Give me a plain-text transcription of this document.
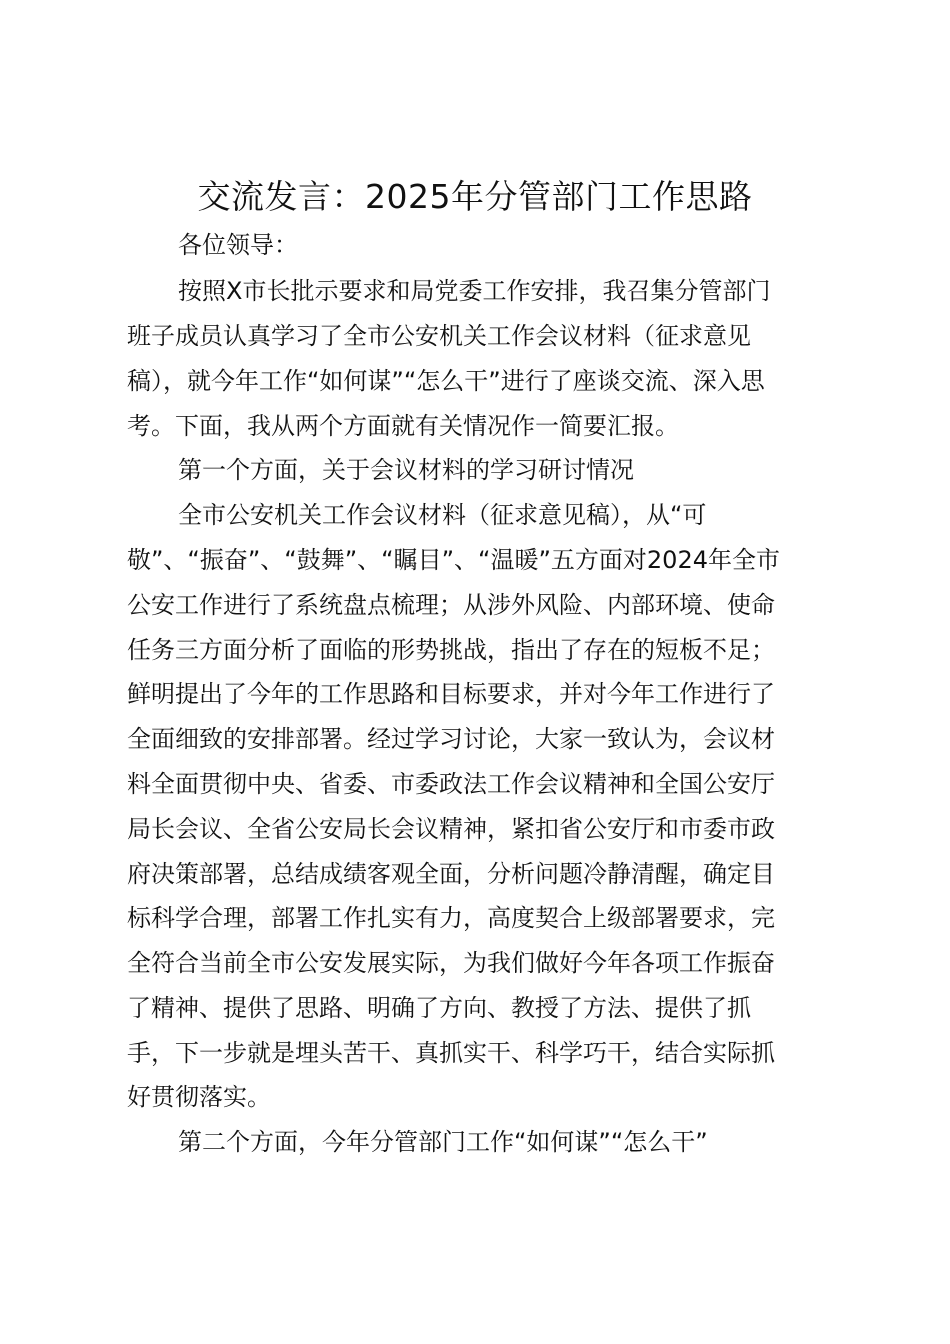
交流发言：2025年分管部门工作思路
各位领导：
按照X市长批示要求和局党委工作安排，我召集分管部门
班子成员认真学习了全市公安机关工作会议材料（征求意见
稿），就今年工作“如何谋”“怎么干”进行了座谈交流、深入思
考。下面，我从两个方面就有关情况作一简要汇报。
第一个方面，关于会议材料的学习研讨情况
全市公安机关工作会议材料（征求意见稿），从“可
敬”、“振奋”、“鼓舞”、“瞩目”、“温暖”五方面对2024年全市
公安工作进行了系统盘点梳理；从涉外风险、内部环境、使命
任务三方面分析了面临的形势挑战，指出了存在的短板不足；
鲜明提出了今年的工作思路和目标要求，并对今年工作进行了
全面细致的安排部署。经过学习讨论，大家一致认为，会议材
料全面贯彻中央、省委、市委政法工作会议精神和全国公安厅
局长会议、全省公安局长会议精神，紧扣省公安厅和市委市政
府决策部署，总结成绩客观全面，分析问题冷静清醒，确定目
标科学合理，部署工作扎实有力，高度契合上级部署要求，完
全符合当前全市公安发展实际，为我们做好今年各项工作振奋
了精神、提供了思路、明确了方向、教授了方法、提供了抓
手，下一步就是埋头苦干、真抓实干、科学巧干，结合实际抓
好贯彻落实。
第二个方面，今年分管部门工作“如何谋”“怎么干”
